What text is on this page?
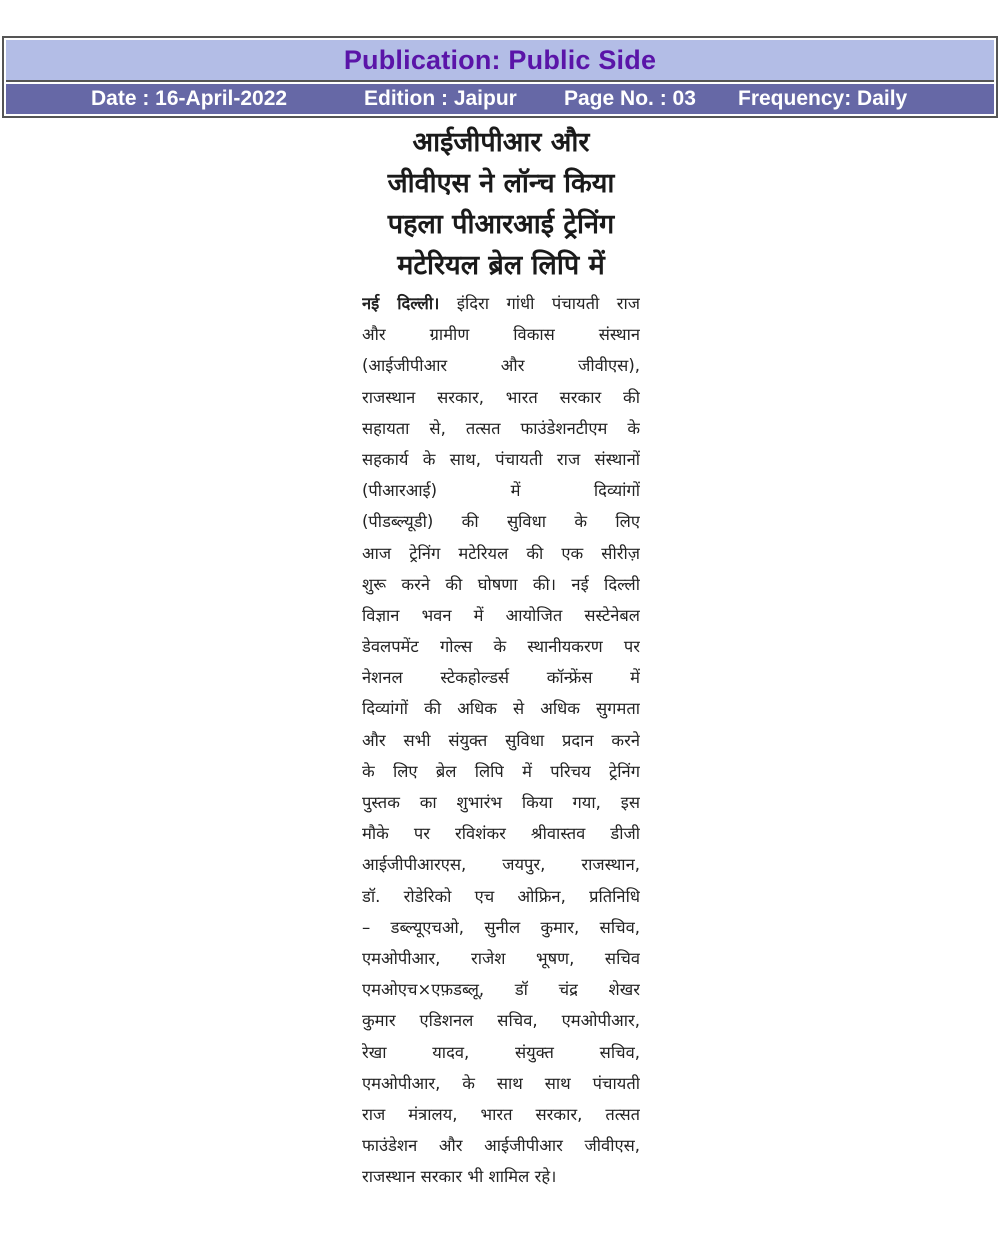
Publication: Public Side
Date : 16-April-2022	Edition : Jaipur Page No. : 03 Frequency: Daily
आईजीपीआर और
जीवीएस ने लॉन्च किया
पहला पीआरआई ट्रेनिंग
मटेरियल ब्रेल लिपि में
नई दिल्ली। इंदिरा गांधी पंचायती राज
और ग्रामीण विकास संस्थान
(आईजीपीआर और जीवीएस),
राजस्थान सरकार, भारत सरकार की
सहायता से, तत्सत फाउंडेशनटीएम के
सहकार्य के साथ, पंचायती राज संस्थानों
(पीआरआई) में दिव्यांगों
(पीडब्ल्यूडी) की सुविधा के लिए
आज ट्रेनिंग मटेरियल की एक सीरीज़
शुरू करने की घोषणा की। नई दिल्ली
विज्ञान भवन में आयोजित सस्टेनेबल
डेवलपमेंट गोल्स के स्थानीयकरण पर
नेशनल स्टेकहोल्डर्स कॉन्फ्रेंस में
दिव्यांगों की अधिक से अधिक सुगमता
और सभी संयुक्त सुविधा प्रदान करने
के लिए ब्रेल लिपि में परिचय ट्रेनिंग
पुस्तक का शुभारंभ किया गया, इस
मौके पर रविशंकर श्रीवास्तव डीजी
आईजीपीआरएस, जयपुर, राजस्थान,
डॉ. रोडेरिको एच ओफ्रिन, प्रतिनिधि
– डब्ल्यूएचओ, सुनील कुमार, सचिव,
एमओपीआर, राजेश भूषण, सचिव
एमओएच×एफ़डब्लू, डॉ चंद्र शेखर
कुमार एडिशनल सचिव, एमओपीआर,
रेखा यादव, संयुक्त सचिव,
एमओपीआर, के साथ साथ पंचायती
राज मंत्रालय, भारत सरकार, तत्सत
फाउंडेशन और आईजीपीआर जीवीएस,
राजस्थान सरकार भी शामिल रहे।
